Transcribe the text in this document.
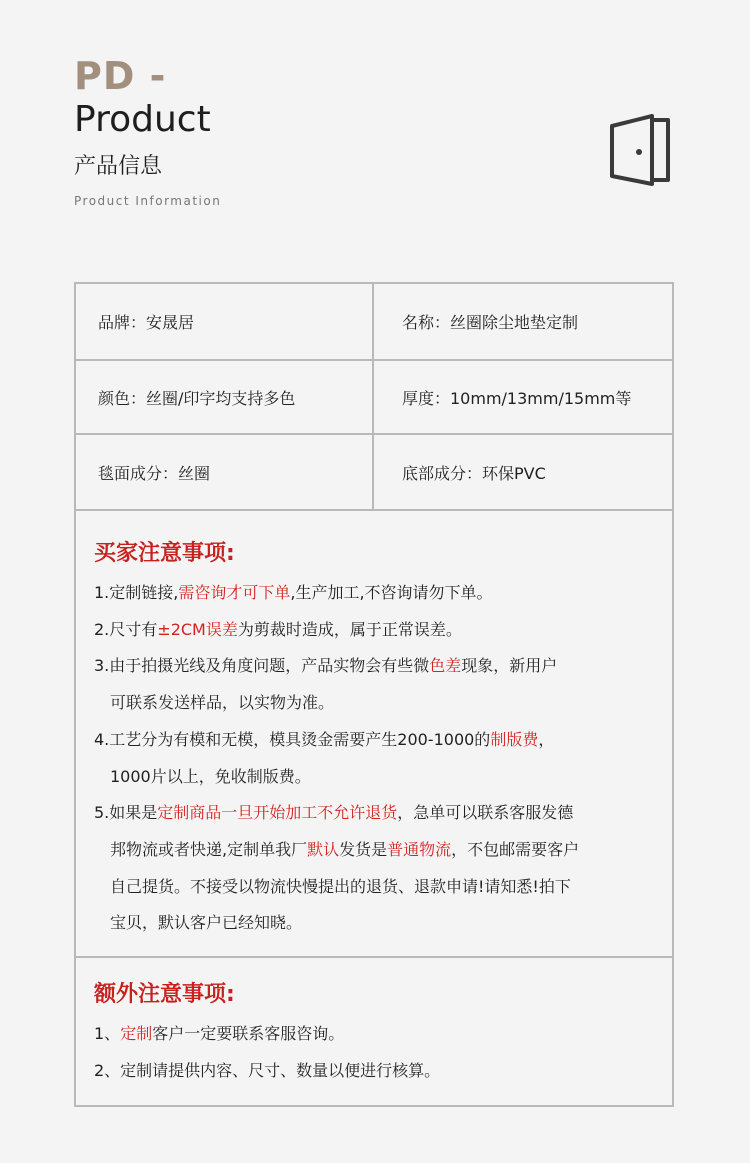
PD -
Product
产品信息
Product Information
品牌：安晟居	名称：丝圈除尘地垫定制
颜色：丝圈/印字均支持多色	厚度：10mm/13mm/15mm等
毯面成分：丝圈	底部成分：环保PVC
买家注意事项:
1.定制链接,需咨询才可下单,生产加工,不咨询请勿下单。
2.尺寸有±2CM误差为剪裁时造成，属于正常误差。
3.由于拍摄光线及角度问题，产品实物会有些微色差现象，新用户
可联系发送样品，以实物为准。
4.工艺分为有模和无模，模具烫金需要产生200-1000的制版费，
1000片以上，免收制版费。
5.如果是定制商品一旦开始加工不允许退货，急单可以联系客服发德
邦物流或者快递,定制单我厂默认发货是普通物流，不包邮需要客户
自己提货。不接受以物流快慢提出的退货、退款申请!请知悉!拍下
宝贝，默认客户已经知晓。
额外注意事项:
1、定制客户一定要联系客服咨询。
2、定制请提供内容、尺寸、数量以便进行核算。
